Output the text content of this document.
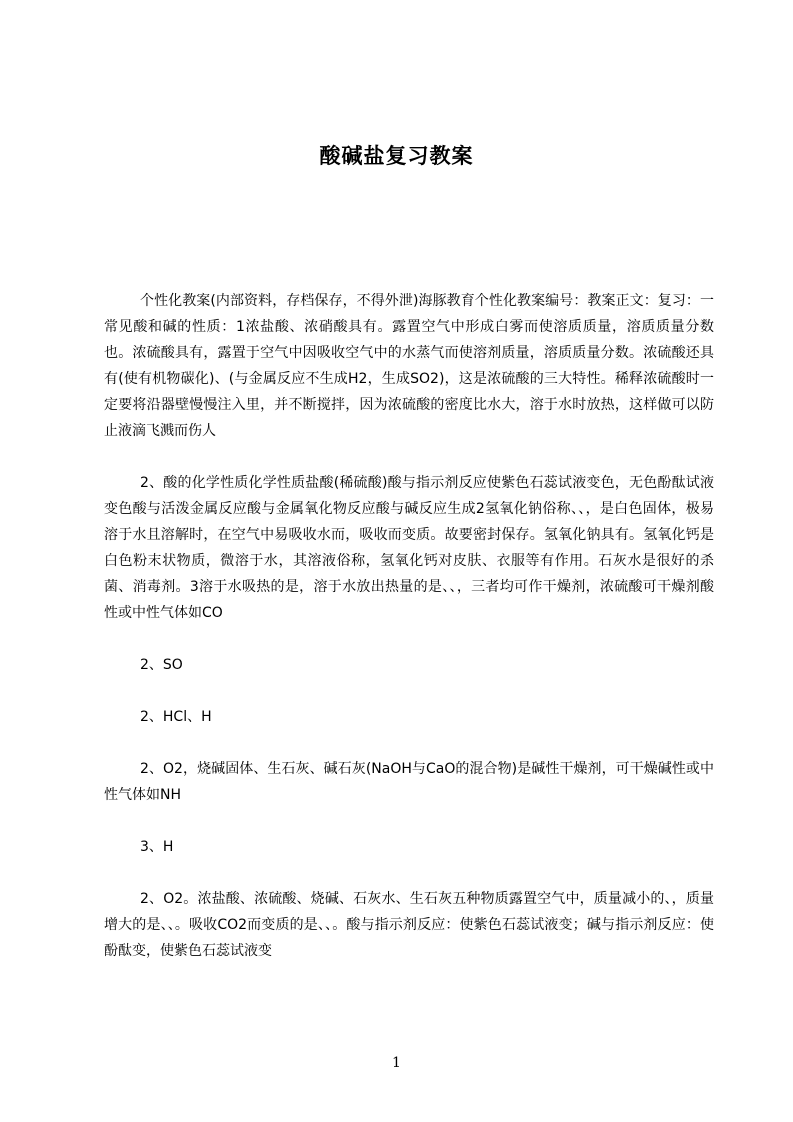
酸碱盐复习教案

个性化教案(内部资料，存档保存，不得外泄)海豚教育个性化教案编号：教案正文：复习：一常见酸和碱的性质：1浓盐酸、浓硝酸具有。露置空气中形成白雾而使溶质质量，溶质质量分数也。浓硫酸具有，露置于空气中因吸收空气中的水蒸气而使溶剂质量，溶质质量分数。浓硫酸还具有(使有机物碳化)、(与金属反应不生成H2，生成SO2)，这是浓硫酸的三大特性。稀释浓硫酸时一定要将沿器壁慢慢注入里，并不断搅拌，因为浓硫酸的密度比水大，溶于水时放热，这样做可以防止液滴飞溅而伤人

2、酸的化学性质化学性质盐酸(稀硫酸)酸与指示剂反应使紫色石蕊试液变色，无色酚酞试液变色酸与活泼金属反应酸与金属氧化物反应酸与碱反应生成2氢氧化钠俗称、、，是白色固体，极易溶于水且溶解时，在空气中易吸收水而，吸收而变质。故要密封保存。氢氧化钠具有。氢氧化钙是白色粉末状物质，微溶于水，其溶液俗称，氢氧化钙对皮肤、衣服等有作用。石灰水是很好的杀菌、消毒剂。3溶于水吸热的是，溶于水放出热量的是、、，三者均可作干燥剂，浓硫酸可干燥剂酸性或中性气体如CO

2、SO

2、HCl、H

2、O2，烧碱固体、生石灰、碱石灰(NaOH与CaO的混合物)是碱性干燥剂，可干燥碱性或中性气体如NH

3、H

2、O2。浓盐酸、浓硫酸、烧碱、石灰水、生石灰五种物质露置空气中，质量减小的、，质量增大的是、、。吸收CO2而变质的是、、。酸与指示剂反应：使紫色石蕊试液变；碱与指示剂反应：使酚酞变，使紫色石蕊试液变

1
